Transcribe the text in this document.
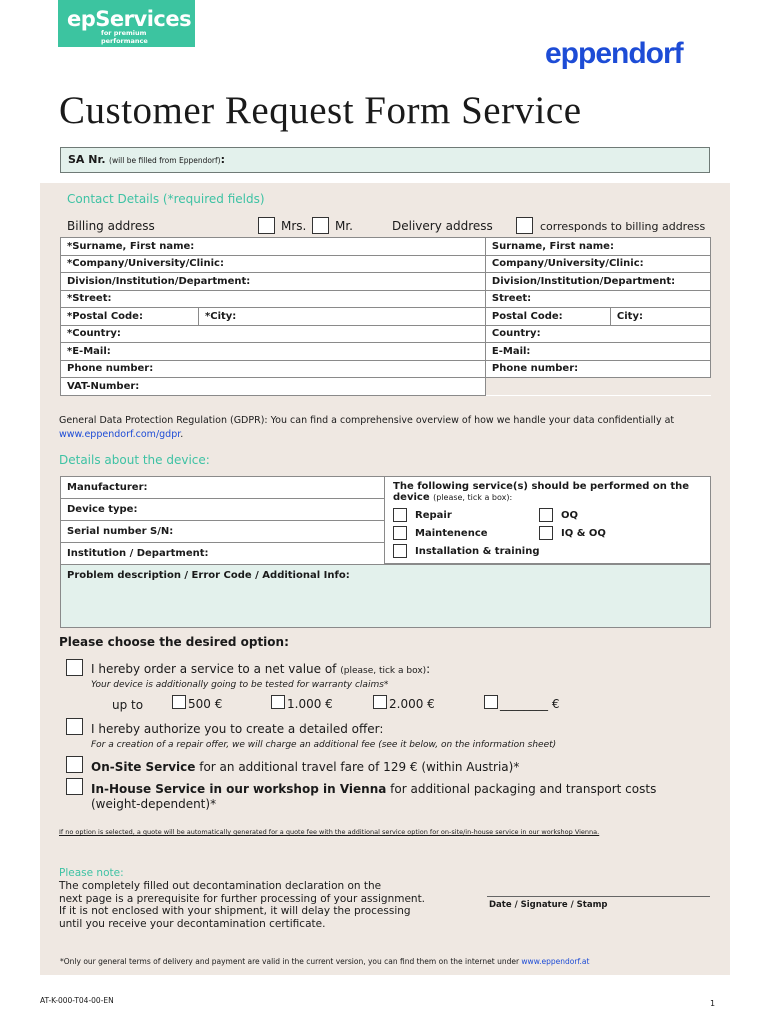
epServices
for premium performance	eppendorf
Customer Request Form Service
SA Nr. (will be filled from Eppendorf):
Contact Details (*required fields)
Billing address	Mrs. Mr.	Delivery address	corresponds to billing address
*Surname, First name:		Surname, First name:	
*Company/University/Clinic:		Company/University/Clinic:	
Division/Institution/Department:		Division/Institution/Department:	
*Street:		Street:	
*Postal Code:	*City:	Postal Code:	City:
*Country:		Country:	
*E-Mail:		E-Mail:	
Phone number:		Phone number:	
VAT-Number:			
General Data Protection Regulation (GDPR): You can find a comprehensive overview of how we handle your data confidentially at
www.eppendorf.com/gdpr.
Details about the device:
Manufacturer:
Device type:
Serial number S/N:
Institution / Department:
The following service(s) should be performed on the
device (please, tick a box):
Repair	OQ
Maintenence	IQ & OQ
Installation & training
Problem description / Error Code / Additional Info:
Please choose the desired option:
I hereby order a service to a net value of (please, tick a box):
Your device is additionally going to be tested for warranty claims*
up to	500 €	1.000 €	2.000 €	________ €
I hereby authorize you to create a detailed offer:
For a creation of a repair offer, we will charge an additional fee (see it below, on the information sheet)
On-Site Service for an additional travel fare of 129 € (within Austria)*
In-House Service in our workshop in Vienna for additional packaging and transport costs
(weight-dependent)*
If no option is selected, a quote will be automatically generated for a quote fee with the additional service option for on-site/in-house service in our workshop Vienna.
Please note:
The completely filled out decontamination declaration on the
next page is a prerequisite for further processing of your assignment.
If it is not enclosed with your shipment, it will delay the processing
until you receive your decontamination certificate.
Date / Signature / Stamp
*Only our general terms of delivery and payment are valid in the current version, you can find them on the internet under www.eppendorf.at
AT-K-000-T04-00-EN	1
